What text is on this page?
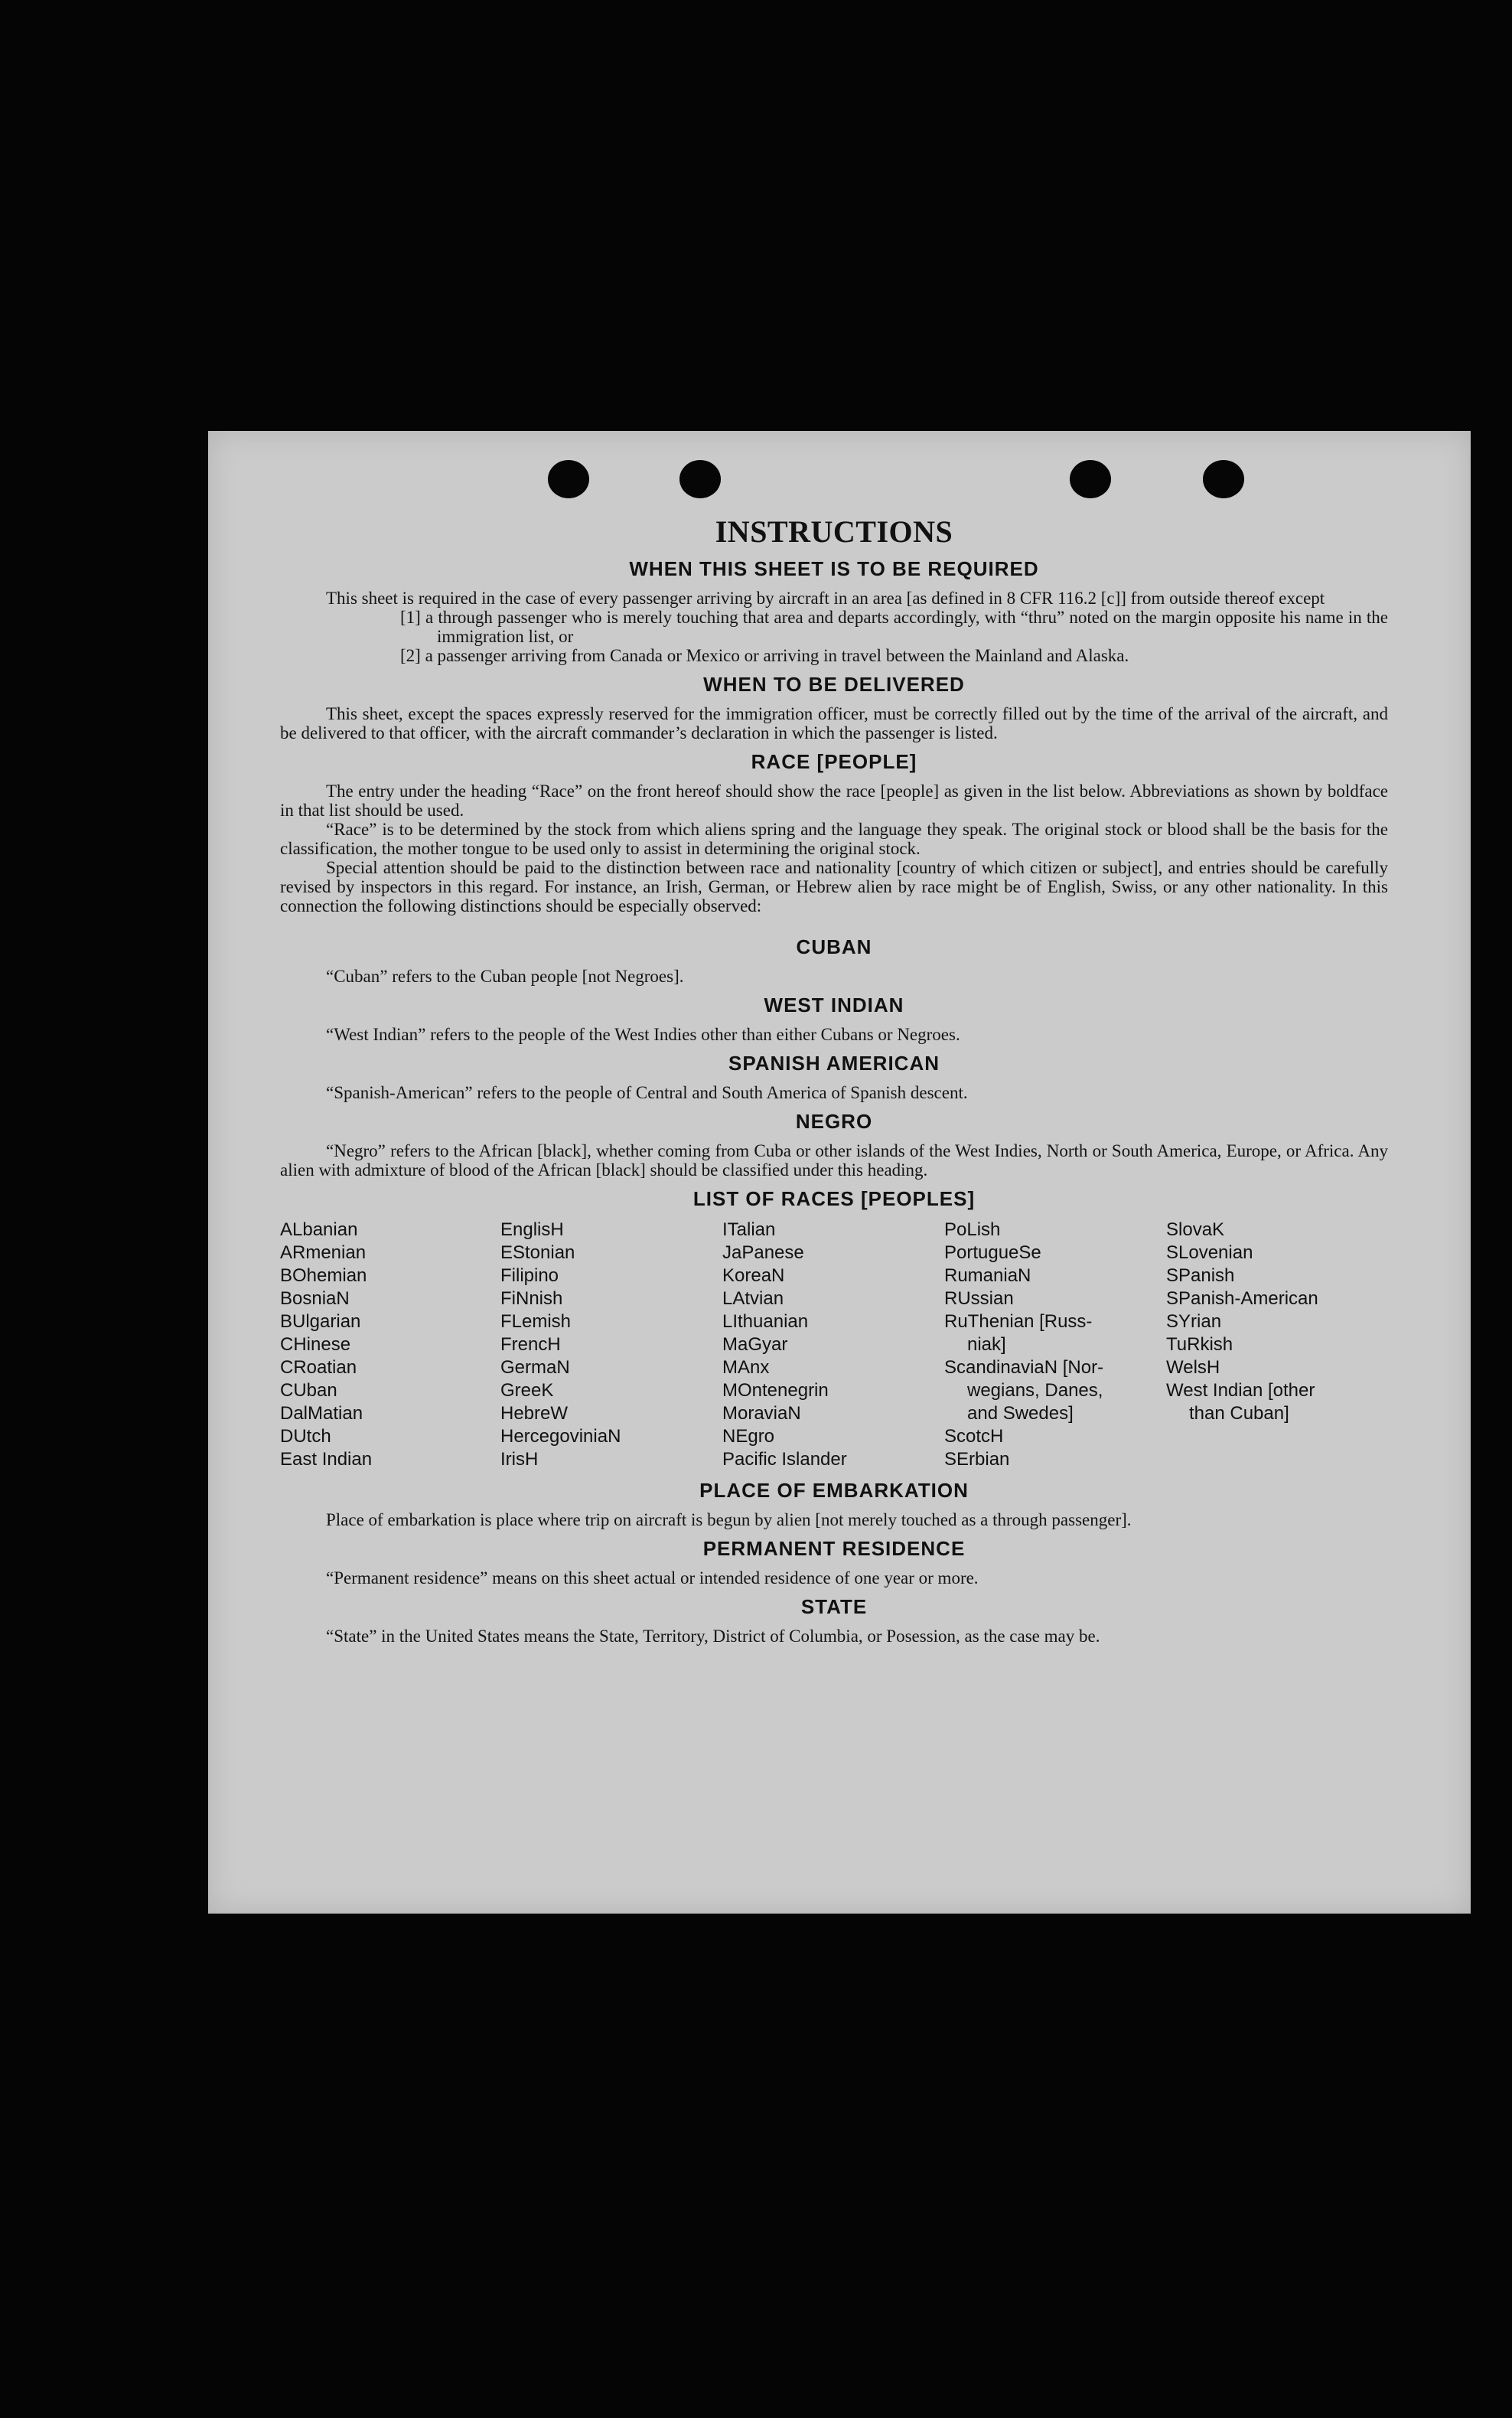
INSTRUCTIONS
WHEN THIS SHEET IS TO BE REQUIRED

This sheet is required in the case of every passenger arriving by aircraft in an area [as defined in 8 CFR 116.2 [c]] from outside thereof except

[1] a through passenger who is merely touching that area and departs accordingly, with “thru” noted on the margin opposite his name in the immigration list, or

[2] a passenger arriving from Canada or Mexico or arriving in travel between the Mainland and Alaska.

WHEN TO BE DELIVERED

This sheet, except the spaces expressly reserved for the immigration officer, must be correctly filled out by the time of the arrival of the aircraft, and be delivered to that officer, with the aircraft commander’s declaration in which the passenger is listed.

RACE [PEOPLE]

The entry under the heading “Race” on the front hereof should show the race [people] as given in the list below. Abbreviations as shown by boldface in that list should be used.

“Race” is to be determined by the stock from which aliens spring and the language they speak. The original stock or blood shall be the basis for the classification, the mother tongue to be used only to assist in determining the original stock.

Special attention should be paid to the distinction between race and nationality [country of which citizen or subject], and entries should be carefully revised by inspectors in this regard. For instance, an Irish, German, or Hebrew alien by race might be of English, Swiss, or any other nationality. In this connection the following distinctions should be especially observed:

CUBAN

“Cuban” refers to the Cuban people [not Negroes].

WEST INDIAN

“West Indian” refers to the people of the West Indies other than either Cubans or Negroes.

SPANISH AMERICAN

“Spanish-American” refers to the people of Central and South America of Spanish descent.

NEGRO

“Negro” refers to the African [black], whether coming from Cuba or other islands of the West Indies, North or South America, Europe, or Africa. Any alien with admixture of blood of the African [black] should be classified under this heading.

LIST OF RACES [PEOPLES]
ALbanian
ARmenian
BOhemian
BosniaN
BUlgarian
CHinese
CRoatian
CUban
DalMatian
DUtch
East Indian
EnglisH
EStonian
Filipino
FiNnish
FLemish
FrencH
GermaN
GreeK
HebreW
HercegoviniaN
IrisH
ITalian
JaPanese
KoreaN
LAtvian
LIthuanian
MaGyar
MAnx
MOntenegrin
MoraviaN
NEgro
Pacific Islander
PoLish
PortugueSe
RumaniaN
RUssian
RuThenian [Russ-
niak]
ScandinaviaN [Nor-
wegians, Danes,
and Swedes]
ScotcH
SErbian
SlovaK
SLovenian
SPanish
SPanish-American
SYrian
TuRkish
WelsH
West Indian [other
than Cuban]
PLACE OF EMBARKATION

Place of embarkation is place where trip on aircraft is begun by alien [not merely touched as a through passenger].

PERMANENT RESIDENCE

“Permanent residence” means on this sheet actual or intended residence of one year or more.

STATE

“State” in the United States means the State, Territory, District of Columbia, or Posession, as the case may be.
